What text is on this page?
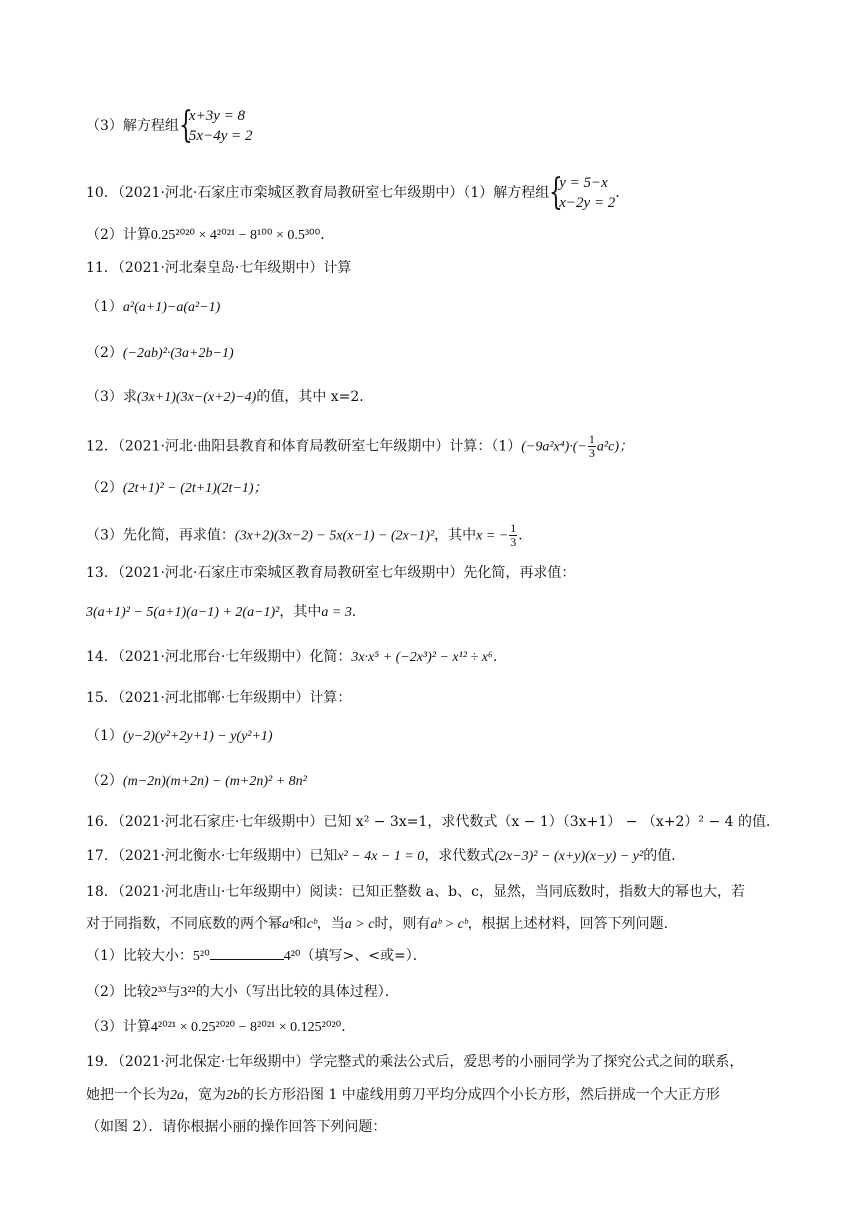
（3）解方程组 {
x+3y = 8
5x−4y = 2
10．（2021·河北·石家庄市栾城区教育局教研室七年级期中）（1）解方程组 {
y = 5−x
x−2y = 2
．
（2）计算0.25²⁰²⁰ × 4²⁰²¹ − 8¹⁰⁰ × 0.5³⁰⁰．
11．（2021·河北秦皇岛·七年级期中）计算
（1）a²(a+1)−a(a²−1)
（2）(−2ab)²·(3a+2b−1)
（3）求(3x+1)(3x−(x+2)−4)的值，其中 x=2．
12．（2021·河北·曲阳县教育和体育局教研室七年级期中）计算：$(1)(-9a^2x^4)\cdot(- \frac{1}{3} a^2c)$；
（2）(2t+1)² − (2t+1)(2t−1)；
（3）先化简，再求值：(3x+2)(3x−2) − 5x(x−1) − (2x−1)²，其中x = − $\frac{1}{3}$ ．
13．（2021·河北·石家庄市栾城区教育局教研室七年级期中）先化简，再求值：
3(a+1)² − 5(a+1)(a−1) + 2(a−1)²，其中a = 3．
14．（2021·河北邢台·七年级期中）化简：3x·x⁵ + (−2x³)² − x¹² ÷ x⁶．
15．（2021·河北邯郸·七年级期中）计算：
（1）(y−2)(y²+2y+1) − y(y²+1)
（2）(m−2n)(m+2n) − (m+2n)² + 8n²
16．（2021·河北石家庄·七年级期中）已知 x² − 3x=1，求代数式（x − 1）（3x+1） − （x+2）² − 4 的值．
17．（2021·河北衡水·七年级期中）已知x² − 4x − 1 = 0，求代数式(2x−3)² − (x+y)(x−y) − y²的值．
18．（2021·河北唐山·七年级期中）阅读：已知正整数 a、b、c，显然，当同底数时，指数大的幂也大，若
对于同指数，不同底数的两个幂aᵇ和cᵇ，当a > c时，则有aᵇ > cᵇ，根据上述材料，回答下列问题．
（1）比较大小：5²⁰	4²⁰（填写>、<或=）．
（2）比较2³³与3²²的大小（写出比较的具体过程）．
（3）计算4²⁰²¹ × 0.25²⁰²⁰ − 8²⁰²¹ × 0.125²⁰²⁰．
19．（2021·河北保定·七年级期中）学完整式的乘法公式后，爱思考的小丽同学为了探究公式之间的联系，
她把一个长为2a，宽为2b的长方形沿图 1 中虚线用剪刀平均分成四个小长方形，然后拼成一个大正方形
（如图 2）．请你根据小丽的操作回答下列问题：
